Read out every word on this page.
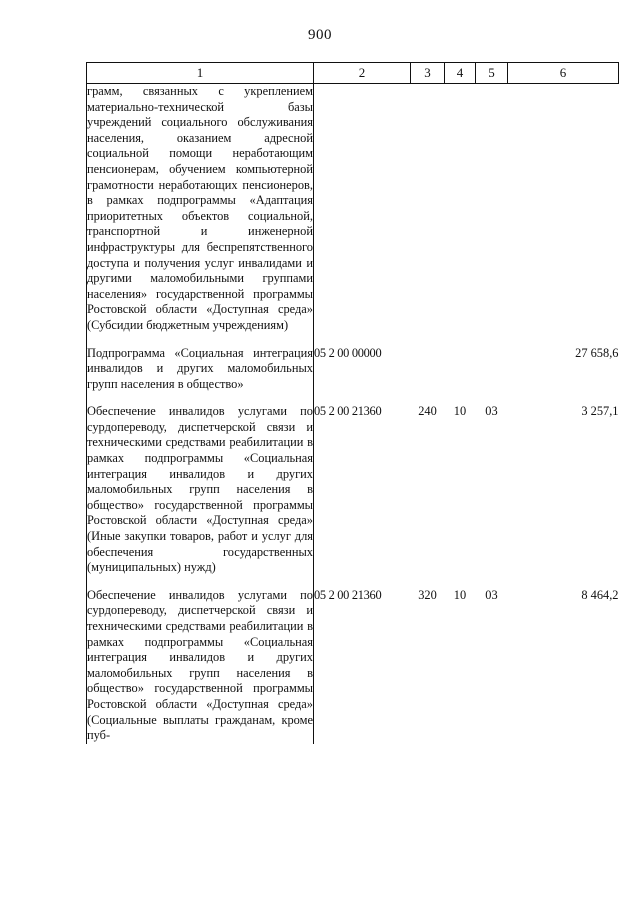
900
1	2	3	4	5	6
грамм, связанных с укреплением материально-технической базы учреждений социального обслуживания населения, оказанием адресной социальной помощи неработающим пенсионерам, обучением компьютерной грамотности неработающих пенсионеров, в рамках подпрограммы «Адаптация приоритетных объектов социальной, транспортной и инженерной инфраструктуры для беспрепятственного доступа и получения услуг инвалидами и другими маломобильными группами населения» государственной программы Ростовской области «Доступная среда» (Субсидии бюджетным учреждениям)					
Подпрограмма «Социальная интеграция инвалидов и других маломобильных групп населения в общество»	05 2 00 00000				27 658,6
Обеспечение инвалидов услугами по сурдопереводу, диспетчерской связи и техническими средствами реабилитации в рамках подпрограммы «Социальная интеграция инвалидов и других маломобильных групп населения в общество» государственной программы Ростовской области «Доступная среда» (Иные закупки товаров, работ и услуг для обеспечения государственных (муниципальных) нужд)	05 2 00 21360	240	10	03	3 257,1
Обеспечение инвалидов услугами по сурдопереводу, диспетчерской связи и техническими средствами реабилитации в рамках подпрограммы «Социальная интеграция инвалидов и других маломобильных групп населения в общество» государственной программы Ростовской области «Доступная среда» (Социальные выплаты гражданам, кроме пуб-	05 2 00 21360	320	10	03	8 464,2
